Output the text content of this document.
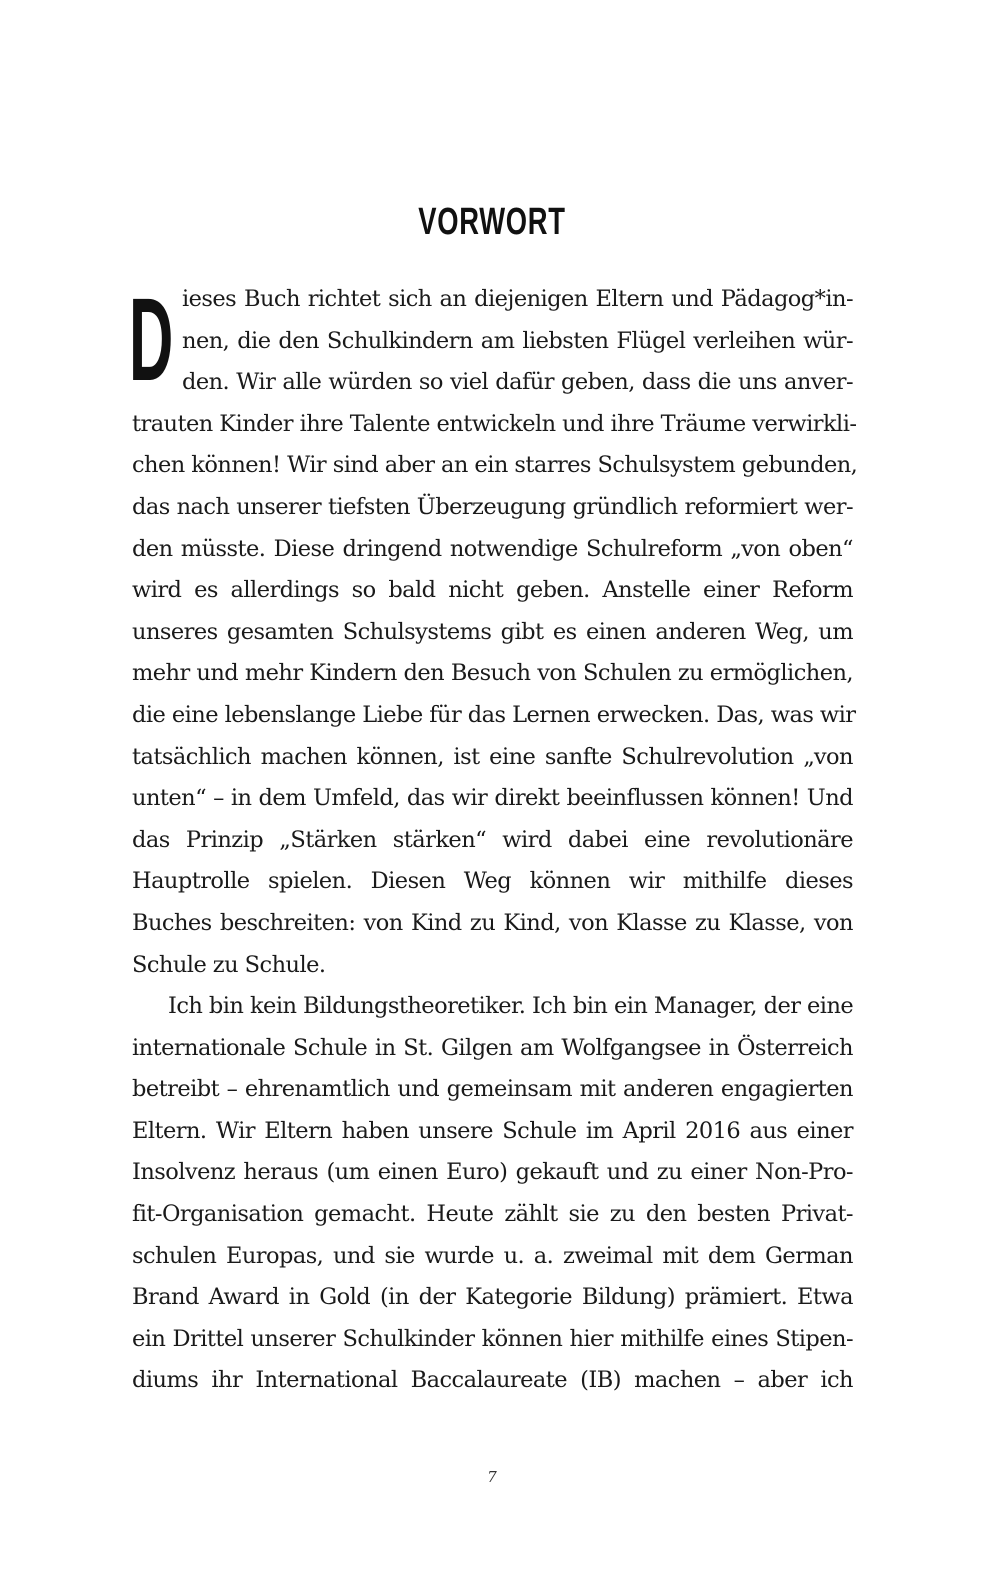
VORWORT
D ieses Buch richtet sich an diejenigen Eltern und Pädagog*in-
nen, die den Schulkindern am liebsten Flügel verleihen wür-
den. Wir alle würden so viel dafür geben, dass die uns anver-
trauten Kinder ihre Talente entwickeln und ihre Träume verwirkli-
chen können! Wir sind aber an ein starres Schulsystem gebunden,
das nach unserer tiefsten Überzeugung gründlich reformiert wer-
den müsste. Diese dringend notwendige Schulreform „von oben“
wird es allerdings so bald nicht geben. Anstelle einer Reform
unseres gesamten Schulsystems gibt es einen anderen Weg, um
mehr und mehr Kindern den Besuch von Schulen zu ermöglichen,
die eine lebenslange Liebe für das Lernen erwecken. Das, was wir
tatsächlich machen können, ist eine sanfte Schulrevolution „von
unten“ – in dem Umfeld, das wir direkt beeinflussen können! Und
das Prinzip „Stärken stärken“ wird dabei eine revolutionäre
Hauptrolle spielen. Diesen Weg können wir mithilfe dieses
Buches beschreiten: von Kind zu Kind, von Klasse zu Klasse, von
Schule zu Schule.
Ich bin kein Bildungstheoretiker. Ich bin ein Manager, der eine
internationale Schule in St. Gilgen am Wolfgangsee in Österreich
betreibt – ehrenamtlich und gemeinsam mit anderen engagierten
Eltern. Wir Eltern haben unsere Schule im April 2016 aus einer
Insolvenz heraus (um einen Euro) gekauft und zu einer Non-Pro-
fit-Organisation gemacht. Heute zählt sie zu den besten Privat-
schulen Europas, und sie wurde u. a. zweimal mit dem German
Brand Award in Gold (in der Kategorie Bildung) prämiert. Etwa
ein Drittel unserer Schulkinder können hier mithilfe eines Stipen-
diums ihr International Baccalaureate (IB) machen – aber ich
7
